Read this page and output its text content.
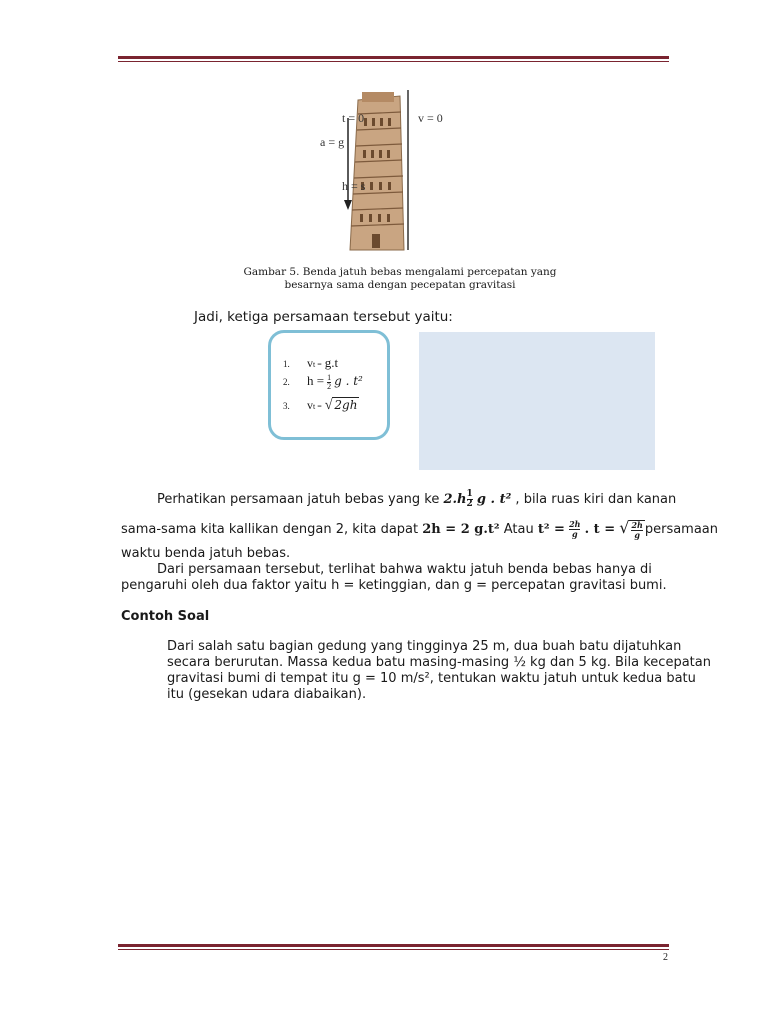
t = 0	v = 0
a = g
h = s
Gambar 5. Benda jatuh bebas mengalami percepatan yang
besarnya sama dengan pecepatan gravitasi
Jadi, ketiga persamaan tersebut yaitu:
1. vt = g.t
2. $h = \frac{1}{2}$ g . t²
3. vt = √ 2gh
Perhatikan persamaan jatuh bebas yang ke $2.h \frac{1}{2}$ g . t² , bila ruas kiri dan kanan
sama-sama kita kallikan dengan 2, kita dapat 2h = 2 g.t² Atau $t^2 = \frac{2h}{g}$ . t = √ $\frac{2h}{g}$ persamaan
waktu benda jatuh bebas.
Dari persamaan tersebut, terlihat bahwa waktu jatuh benda bebas hanya di
pengaruhi oleh dua faktor yaitu h = ketinggian, dan g = percepatan gravitasi bumi.
Contoh Soal
Dari salah satu bagian gedung yang tingginya 25 m, dua buah batu dijatuhkan
secara berurutan. Massa kedua batu masing-masing ½ kg dan 5 kg. Bila kecepatan
gravitasi bumi di tempat itu g = 10 m/s², tentukan waktu jatuh untuk kedua batu
itu (gesekan udara diabaikan).
2
